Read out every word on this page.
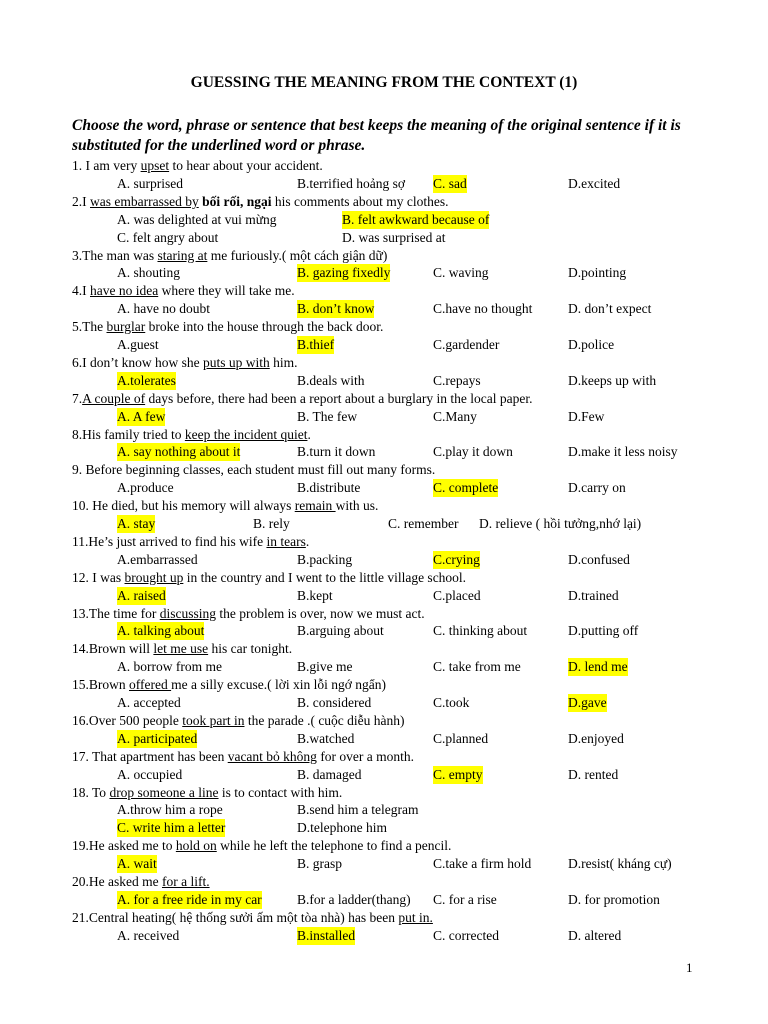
GUESSING THE MEANING FROM THE CONTEXT (1)
Choose the word, phrase or sentence that best keeps the meaning of the original sentence if it is substituted for the underlined word or phrase.
1. I am very upset to hear about your accident.
A. surprised	B.terrified hoảng sợ C. sad	D.excited
2.I was embarrassed by bối rối, ngại his comments about my clothes.
A. was delighted at vui mừng	B. felt awkward because of
C. felt angry about	D. was surprised at
3.The man was staring at me furiously.( một cách giận dữ)
A. shouting	B. gazing fixedly	C. waving	D.pointing
4.I have no idea where they will take me.
A. have no doubt	B. don’t know	C.have no thought	D. don’t expect
5.The burglar broke into the house through the back door.
A.guest	B.thief	C.gardender	D.police
6.I don’t know how she puts up with him.
A.tolerates	B.deals with	C.repays	D.keeps up with
7.A couple of days before, there had been a report about a burglary in the local paper.
A. A few	B. The few	C.Many	D.Few
8.His family tried to keep the incident quiet.
A. say nothing about it	B.turn it down	C.play it down	D.make it less noisy
9. Before beginning classes, each student must fill out many forms.
A.produce	B.distribute	C. complete	D.carry on
10. He died, but his memory will always remain with us.
A. stay	B. rely	C. remember D. relieve ( hồi tưởng,nhớ lại)
11.He’s just arrived to find his wife in tears.
A.embarrassed	B.packing	C.crying	D.confused
12. I was brought up in the country and I went to the little village school.
A. raised	B.kept	C.placed	D.trained
13.The time for discussing the problem is over, now we must act.
A. talking about	B.arguing about	C. thinking about	D.putting off
14.Brown will let me use his car tonight.
A. borrow from me	B.give me	C. take from me	D. lend me
15.Brown offered me a silly excuse.( lời xin lỗi ngớ ngẩn)
A. accepted	B. considered	C.took	D.gave
16.Over 500 people took part in the parade .( cuộc diễu hành)
A. participated	B.watched	C.planned	D.enjoyed
17. That apartment has been vacant bỏ không for over a month.
A. occupied	B. damaged	C. empty	D. rented
18. To drop someone a line is to contact with him.
A.throw him a rope	B.send him a telegram
C. write him a letter	D.telephone him
19.He asked me to hold on while he left the telephone to find a pencil.
A. wait	B. grasp	C.take a firm hold	D.resist( kháng cự)
20.He asked me for a lift.
A. for a free ride in my car	B.for a ladder(thang) C. for a rise	D. for promotion
21.Central heating( hệ thống sưởi ấm một tòa nhà) has been put in.
A. received	B.installed	C. corrected	D. altered
1
